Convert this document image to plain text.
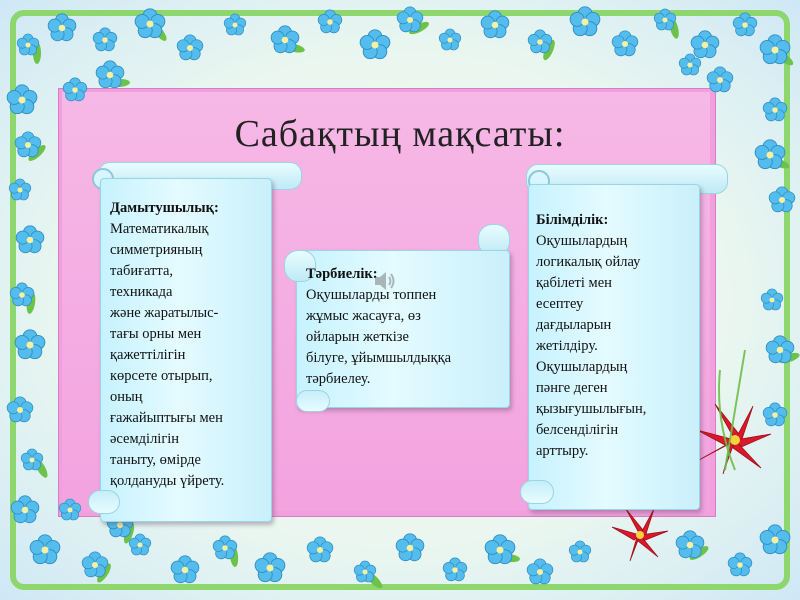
Сабақтың мақсаты:
Дамытушылық:
Математикалық
симметрияның
табиғатта,
техникада
және жаратылыс-
тағы орны мен
қажеттілігін
көрсете отырып,
оның
ғажайыптығы мен
әсемдiлiгiн
таныту, өмірде
қолдануды үйрету.
Тәрбиелік:
Оқушыларды топпен
жұмыс жасауға, өз
ойларын жеткізе
білуге, ұйымшылдыққа
тәрбиелеу.
Білімділік:
Оқушылардың
логикалық ойлау
қабілеті мен
есептеу
дағдыларын
жетілдіру.
Оқушылардың
пәнге деген
қызығушылығын,
белсенділігін
арттыру.
